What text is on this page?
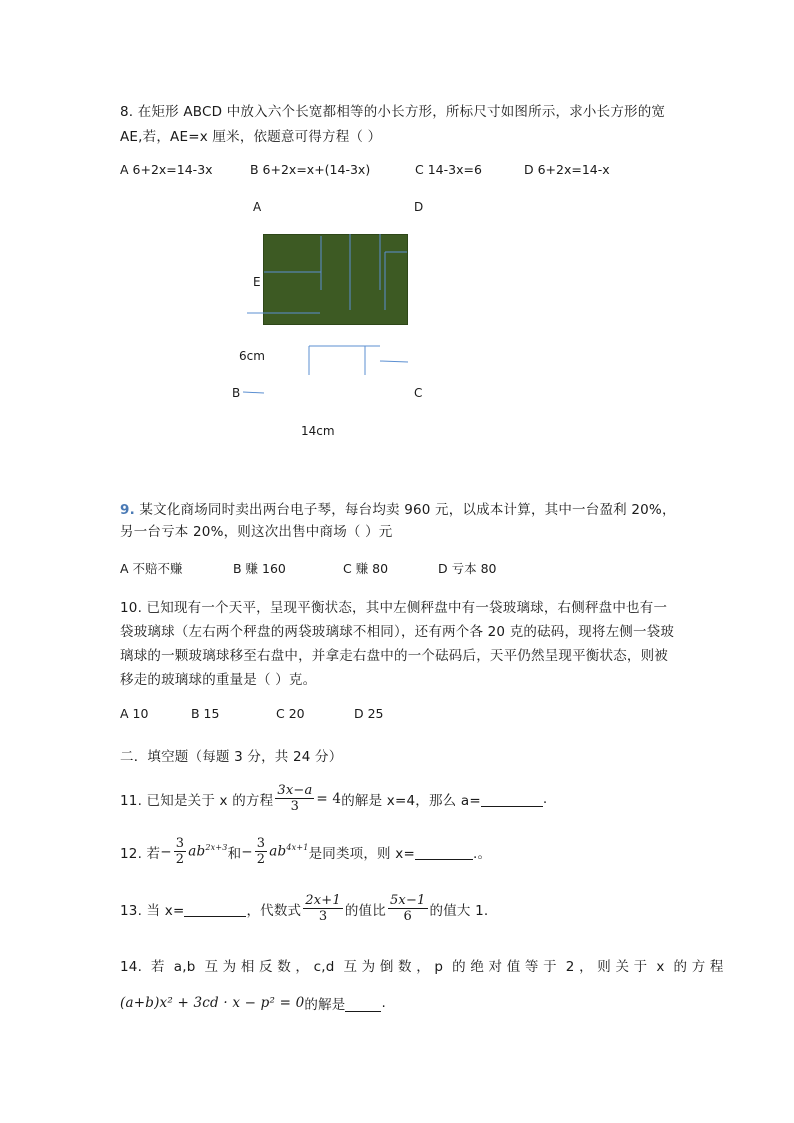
8. 在矩形 ABCD 中放入六个长宽都相等的小长方形，所标尺寸如图所示，求小长方形的宽
AE,若，AE=x 厘米，依题意可得方程（ ）
A 6+2x=14-3x	B 6+2x=x+(14-3x)	C 14-3x=6	D 6+2x=14-x
A	D
E
6cm
B	C
14cm
9. 某文化商场同时卖出两台电子琴，每台均卖 960 元，以成本计算，其中一台盈利 20%，
另一台亏本 20%，则这次出售中商场（ ）元
A 不赔不赚	B 赚 160	C 赚 80	D 亏本 80
10. 已知现有一个天平，呈现平衡状态，其中左侧秤盘中有一袋玻璃球，右侧秤盘中也有一
袋玻璃球（左右两个秤盘的两袋玻璃球不相同），还有两个各 20 克的砝码，现将左侧一袋玻
璃球的一颗玻璃球移至右盘中，并拿走右盘中的一个砝码后，天平仍然呈现平衡状态，则被
移走的玻璃球的重量是（ ）克。
A 10	B 15	C 20	D 25
二．填空题（每题 3 分，共 24 分）
11. 已知是关于 x 的方程 $\frac{3x-a}{3} = 4$ 的解是 x=4，那么 a=
	.
12. 若 − $\frac{3}{2} ab^{2x+3}$ 和 − $\frac{3}{2} ab^{4x+1}$ 是同类项，则 x=
	.。
13. 当 x=
	，代数式 $\frac{2x+1}{3}$ 的值比 $\frac{5x-1}{6}$ 的值大 1.
14.  若  a,b  互 为 相 反 数 ， c,d  互 为 倒 数 ， p  的 绝 对 值 等 于  2 ， 则 关 于  x  的 方 程
(a+b)x² + 3cd · x − p² = 0 的解是
	.
